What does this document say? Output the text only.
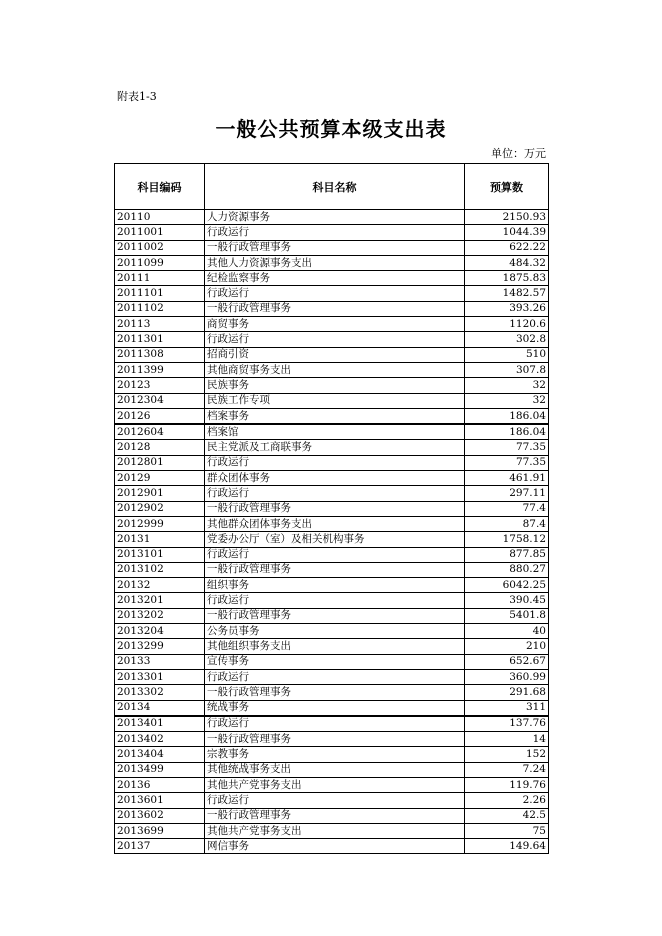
附表1-3
一般公共预算本级支出表
单位：万元
科目编码	科目名称	预算数
20110	人力资源事务	2150.93
2011001	行政运行	1044.39
2011002	一般行政管理事务	622.22
2011099	其他人力资源事务支出	484.32
20111	纪检监察事务	1875.83
2011101	行政运行	1482.57
2011102	一般行政管理事务	393.26
20113	商贸事务	1120.6
2011301	行政运行	302.8
2011308	招商引资	510
2011399	其他商贸事务支出	307.8
20123	民族事务	32
2012304	民族工作专项	32
20126	档案事务	186.04
2012604	档案馆	186.04
20128	民主党派及工商联事务	77.35
2012801	行政运行	77.35
20129	群众团体事务	461.91
2012901	行政运行	297.11
2012902	一般行政管理事务	77.4
2012999	其他群众团体事务支出	87.4
20131	党委办公厅（室）及相关机构事务	1758.12
2013101	行政运行	877.85
2013102	一般行政管理事务	880.27
20132	组织事务	6042.25
2013201	行政运行	390.45
2013202	一般行政管理事务	5401.8
2013204	公务员事务	40
2013299	其他组织事务支出	210
20133	宣传事务	652.67
2013301	行政运行	360.99
2013302	一般行政管理事务	291.68
20134	统战事务	311
2013401	行政运行	137.76
2013402	一般行政管理事务	14
2013404	宗教事务	152
2013499	其他统战事务支出	7.24
20136	其他共产党事务支出	119.76
2013601	行政运行	2.26
2013602	一般行政管理事务	42.5
2013699	其他共产党事务支出	75
20137	网信事务	149.64
